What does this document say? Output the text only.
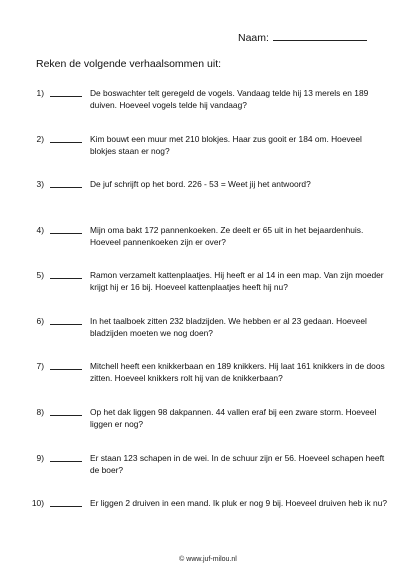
Naam:
Reken de volgende verhaalsommen uit:
1)	De boswachter telt geregeld de vogels. Vandaag telde hij 13 merels en 189 duiven. Hoeveel vogels telde hij vandaag?
2)	Kim bouwt een muur met 210 blokjes. Haar zus gooit er 184 om. Hoeveel blokjes staan er nog?
3)	De juf schrijft op het bord. 226 - 53 = Weet jij het antwoord?
4)	Mijn oma bakt 172 pannenkoeken. Ze deelt er 65 uit in het bejaardenhuis. Hoeveel pannenkoeken zijn er over?
5)	Ramon verzamelt kattenplaatjes. Hij heeft er al 14 in een map. Van zijn moeder krijgt hij er 16 bij. Hoeveel kattenplaatjes heeft hij nu?
6)	In het taalboek zitten 232 bladzijden. We hebben er al 23 gedaan. Hoeveel bladzijden moeten we nog doen?
7)	Mitchell heeft een knikkerbaan en 189 knikkers. Hij laat 161 knikkers in de doos zitten. Hoeveel knikkers rolt hij van de knikkerbaan?
8)	Op het dak liggen 98 dakpannen. 44 vallen eraf bij een zware storm. Hoeveel liggen er nog?
9)	Er staan 123 schapen in de wei. In de schuur zijn er 56. Hoeveel schapen heeft de boer?
10)	Er liggen 2 druiven in een mand. Ik pluk er nog 9 bij. Hoeveel druiven heb ik nu?
© www.juf-milou.nl
